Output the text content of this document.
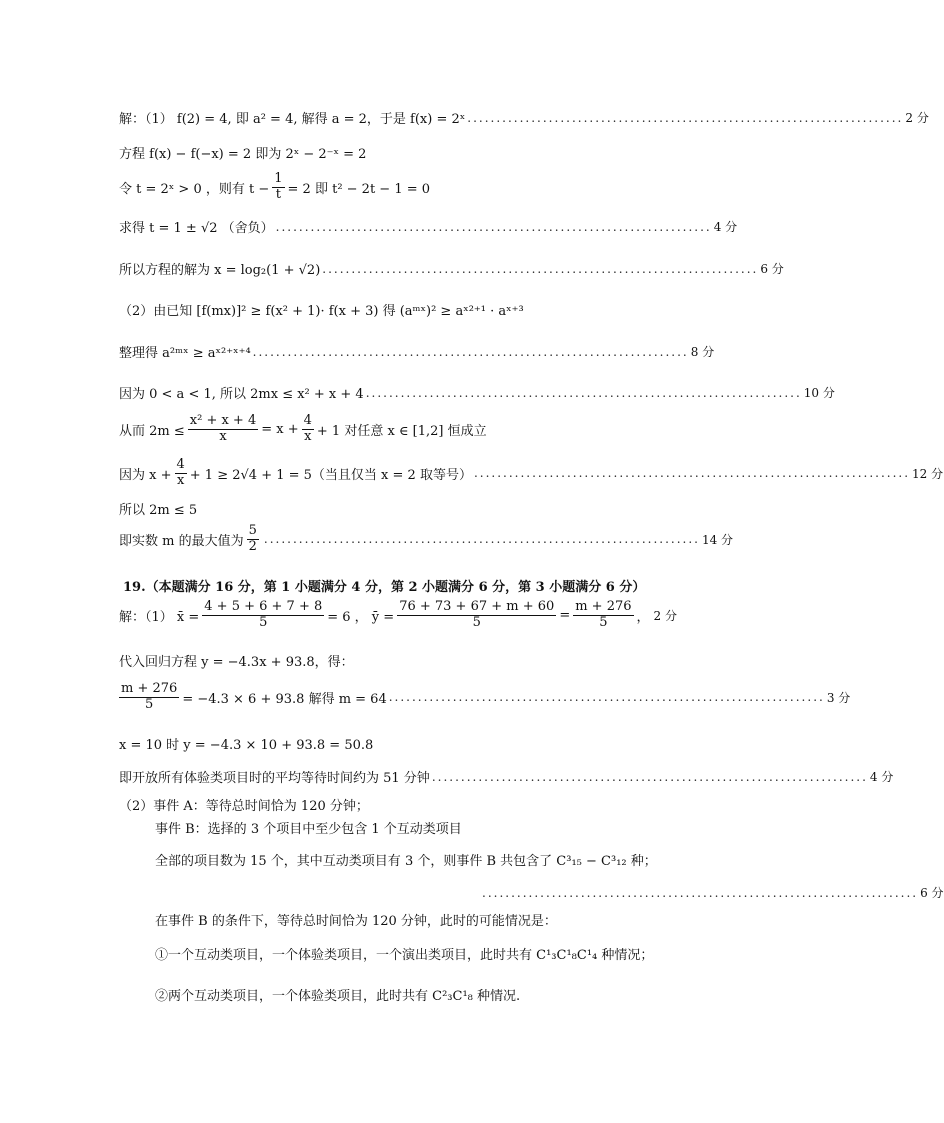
解：（1） f(2) = 4, 即 a² = 4, 解得 a = 2，于是 f(x) = 2ˣ ........................................................................... 2 分
方程 f(x) − f(−x) = 2 即为 2ˣ − 2⁻ˣ = 2
令 t = 2ˣ > 0 ，则有 $t - \frac{1}{t} = 2$ 即 t² − 2t − 1 = 0
求得 t = 1 ± √2 （舍负） ........................................................................... 4 分
所以方程的解为 x = log₂(1 + √2) ........................................................................... 6 分
（2）由已知 [f(mx)]² ≥ f(x² + 1)· f(x + 3) 得 (aᵐˣ)² ≥ aˣ²⁺¹ · aˣ⁺³
整理得 a²ᵐˣ ≥ aˣ²⁺ˣ⁺⁴ ........................................................................... 8 分
因为 0 < a < 1, 所以 2mx ≤ x² + x + 4 ........................................................................... 10 分
从而 $2m \le \frac{\text{x² + x + 4}}{x} = x + \frac{4}{x} + 1$ 对任意 x ∈ [1,2] 恒成立
因为 $x + \frac{4}{x} + 1 \ge 2√4 + 1 = 5$（当且仅当 x = 2 取等号） ........................................................................... 12 分
所以 2m ≤ 5
即实数 m 的最大值为 $\frac{5}{2}$ ........................................................................... 14 分
19.（本题满分 16 分，第 1 小题满分 4 分，第 2 小题满分 6 分，第 3 小题满分 6 分）
解：（1） x̄ = $\frac{4 + 5 + 6 + 7 + 8}{5} = 6$ ， ȳ = $\frac{76 + 73 + 67 + m + 60}{5} = \frac{m + 276}{5}$ ， 2 分
代入回归方程 y = −4.3x + 93.8，得：
$\frac{m + 276}{5} = -4.3 \times 6 + 93.8$ 解得 m = 64 ........................................................................... 3 分
x = 10 时 y = −4.3 × 10 + 93.8 = 50.8
即开放所有体验类项目时的平均等待时间约为 51 分钟 ........................................................................... 4 分
（2）事件 A：等待总时间恰为 120 分钟；
事件 B：选择的 3 个项目中至少包含 1 个互动类项目
全部的项目数为 15 个，其中互动类项目有 3 个，则事件 B 共包含了 C³₁₅ − C³₁₂ 种；
........................................................................... 6 分
在事件 B 的条件下，等待总时间恰为 120 分钟，此时的可能情况是：
①一个互动类项目，一个体验类项目，一个演出类项目，此时共有 C¹₃C¹₈C¹₄ 种情况；
②两个互动类项目，一个体验类项目，此时共有 C²₃C¹₈ 种情况.
